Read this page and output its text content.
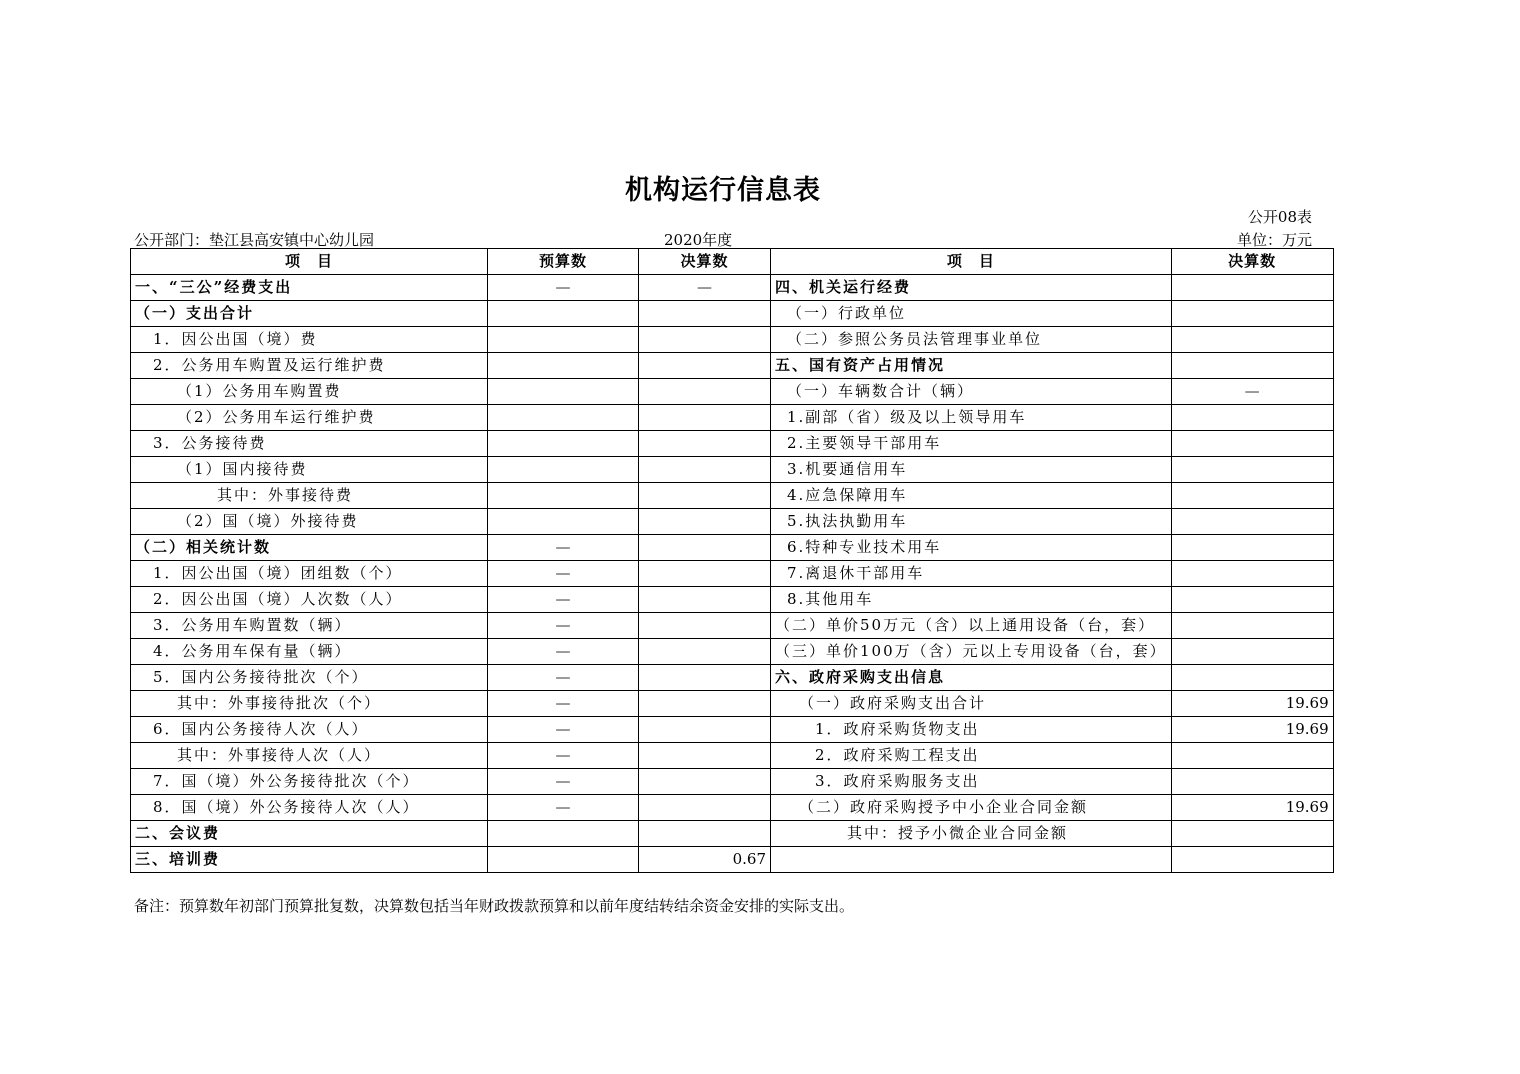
机构运行信息表
公开08表
公开部门：垫江县高安镇中心幼儿园	2020年度	单位：万元
项　目	预算数	决算数	项　目	决算数
一、“三公”经费支出	—	—	四、机关运行经费	
（一）支出合计			（一）行政单位	
1．因公出国（境）费			（二）参照公务员法管理事业单位	
2．公务用车购置及运行维护费			五、国有资产占用情况	
（1）公务用车购置费			（一）车辆数合计（辆）	—
（2）公务用车运行维护费			1.副部（省）级及以上领导用车	
3．公务接待费			2.主要领导干部用车	
（1）国内接待费			3.机要通信用车	
其中：外事接待费			4.应急保障用车	
（2）国（境）外接待费			5.执法执勤用车	
（二）相关统计数	—		6.特种专业技术用车	
1．因公出国（境）团组数（个）	—		7.离退休干部用车	
2．因公出国（境）人次数（人）	—		8.其他用车	
3．公务用车购置数（辆）	—		（二）单价50万元（含）以上通用设备（台，套）	
4．公务用车保有量（辆）	—		（三）单价100万（含）元以上专用设备（台，套）	
5．国内公务接待批次（个）	—		六、政府采购支出信息	
其中：外事接待批次（个）	—		（一）政府采购支出合计	19.69
6．国内公务接待人次（人）	—		1．政府采购货物支出	19.69
其中：外事接待人次（人）	—		2．政府采购工程支出	
7．国（境）外公务接待批次（个）	—		3．政府采购服务支出	
8．国（境）外公务接待人次（人）	—		（二）政府采购授予中小企业合同金额	19.69
二、会议费			其中：授予小微企业合同金额	
三、培训费		0.67		
备注：预算数年初部门预算批复数，决算数包括当年财政拨款预算和以前年度结转结余资金安排的实际支出。
